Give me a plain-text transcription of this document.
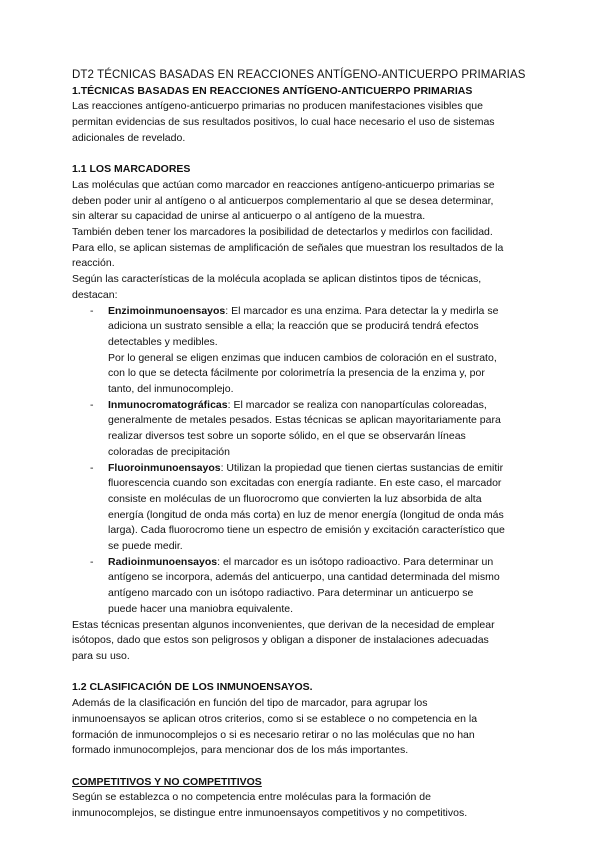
DT2 TÉCNICAS BASADAS EN REACCIONES ANTÍGENO-ANTICUERPO PRIMARIAS

1.TÉCNICAS BASADAS EN REACCIONES ANTÍGENO-ANTICUERPO PRIMARIAS

Las reacciones antígeno-anticuerpo primarias no producen manifestaciones visibles que

permitan evidencias de sus resultados positivos, lo cual hace necesario el uso de sistemas

adicionales de revelado.

1.1 LOS MARCADORES

Las moléculas que actúan como marcador en reacciones antígeno-anticuerpo primarias se

deben poder unir al antígeno o al anticuerpos complementario al que se desea determinar,

sin alterar su capacidad de unirse al anticuerpo o al antígeno de la muestra.

También deben tener los marcadores la posibilidad de detectarlos y medirlos con facilidad.

Para ello, se aplican sistemas de amplificación de señales que muestran los resultados de la

reacción.

Según las características de la molécula acoplada se aplican distintos tipos de técnicas,

destacan:

- Enzimoinmunoensayos: El marcador es una enzima. Para detectar la y medirla se

adiciona un sustrato sensible a ella; la reacción que se producirá tendrá efectos

detectables y medibles.

Por lo general se eligen enzimas que inducen cambios de coloración en el sustrato,

con lo que se detecta fácilmente por colorimetría la presencia de la enzima y, por

tanto, del inmunocomplejo.

- Inmunocromatográficas: El marcador se realiza con nanopartículas coloreadas,

generalmente de metales pesados. Estas técnicas se aplican mayoritariamente para

realizar diversos test sobre un soporte sólido, en el que se observarán líneas

coloradas de precipitación

- Fluoroinmunoensayos: Utilizan la propiedad que tienen ciertas sustancias de emitir

fluorescencia cuando son excitadas con energía radiante. En este caso, el marcador

consiste en moléculas de un fluorocromo que convierten la luz absorbida de alta

energía (longitud de onda más corta) en luz de menor energía (longitud de onda más

larga). Cada fluorocromo tiene un espectro de emisión y excitación característico que

se puede medir.

- Radioinmunoensayos: el marcador es un isótopo radioactivo. Para determinar un

antígeno se incorpora, además del anticuerpo, una cantidad determinada del mismo

antígeno marcado con un isótopo radiactivo. Para determinar un anticuerpo se

puede hacer una maniobra equivalente.

Estas técnicas presentan algunos inconvenientes, que derivan de la necesidad de emplear

isótopos, dado que estos son peligrosos y obligan a disponer de instalaciones adecuadas

para su uso.

1.2 CLASIFICACIÓN DE LOS INMUNOENSAYOS.

Además de la clasificación en función del tipo de marcador, para agrupar los

inmunoensayos se aplican otros criterios, como si se establece o no competencia en la

formación de inmunocomplejos o si es necesario retirar o no las moléculas que no han

formado inmunocomplejos, para mencionar dos de los más importantes.

COMPETITIVOS Y NO COMPETITIVOS

Según se establezca o no competencia entre moléculas para la formación de

inmunocomplejos, se distingue entre inmunoensayos competitivos y no competitivos.
